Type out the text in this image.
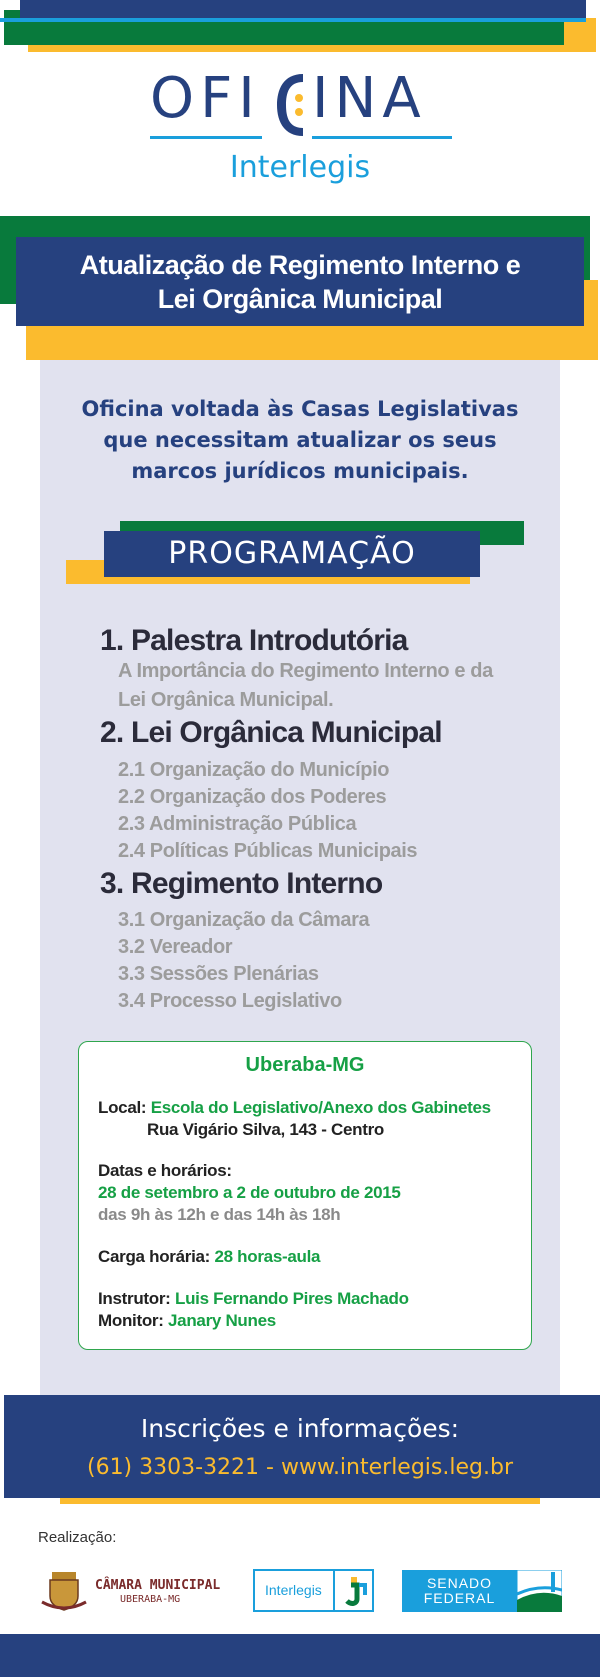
OFI INA
Interlegis
Atualização de Regimento Interno e
Lei Orgânica Municipal
Oficina voltada às Casas Legislativas
que necessitam atualizar os seus
marcos jurídicos municipais.
PROGRAMAÇÃO
1. Palestra Introdutória
A Importância do Regimento Interno e da
Lei Orgânica Municipal.
2. Lei Orgânica Municipal
2.1 Organização do Município
2.2 Organização dos Poderes
2.3 Administração Pública
2.4 Políticas Públicas Municipais
3. Regimento Interno
3.1 Organização da Câmara
3.2 Vereador
3.3 Sessões Plenárias
3.4 Processo Legislativo
Uberaba-MG
Local: Escola do Legislativo/Anexo dos Gabinetes
Rua Vigário Silva, 143 - Centro
Datas e horários:
28 de setembro a 2 de outubro de 2015
das 9h às 12h e das 14h às 18h
Carga horária: 28 horas-aula
Instrutor: Luis Fernando Pires Machado
Monitor: Janary Nunes
Inscrições e informações:
(61) 3303-3221 - www.interlegis.leg.br
Realização:
CÂMARA MUNICIPAL
UBERABA-MG
Interlegis	SENADO
FEDERAL
